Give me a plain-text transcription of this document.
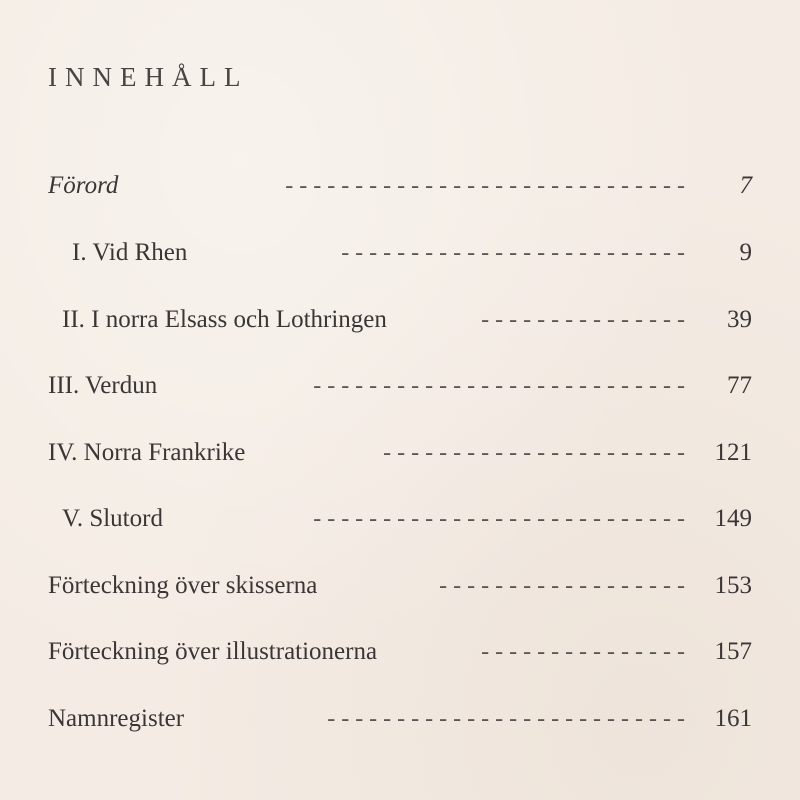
INNEHÅLL
Förord	- - - - - - - - - - - - - - - - - - - - - - - - - - - - -	7
I. Vid Rhen	- - - - - - - - - - - - - - - - - - - - - - - - -	9
II. I norra Elsass och Lothringen	- - - - - - - - - - - - - - -	39
III. Verdun	- - - - - - - - - - - - - - - - - - - - - - - - - - -	77
IV. Norra Frankrike	- - - - - - - - - - - - - - - - - - - - - -	121
V. Slutord	- - - - - - - - - - - - - - - - - - - - - - - - - - -	149
Förteckning över skisserna	- - - - - - - - - - - - - - - - - -	153
Förteckning över illustrationerna	- - - - - - - - - - - - - - -	157
Namnregister	- - - - - - - - - - - - - - - - - - - - - - - - - -	161
